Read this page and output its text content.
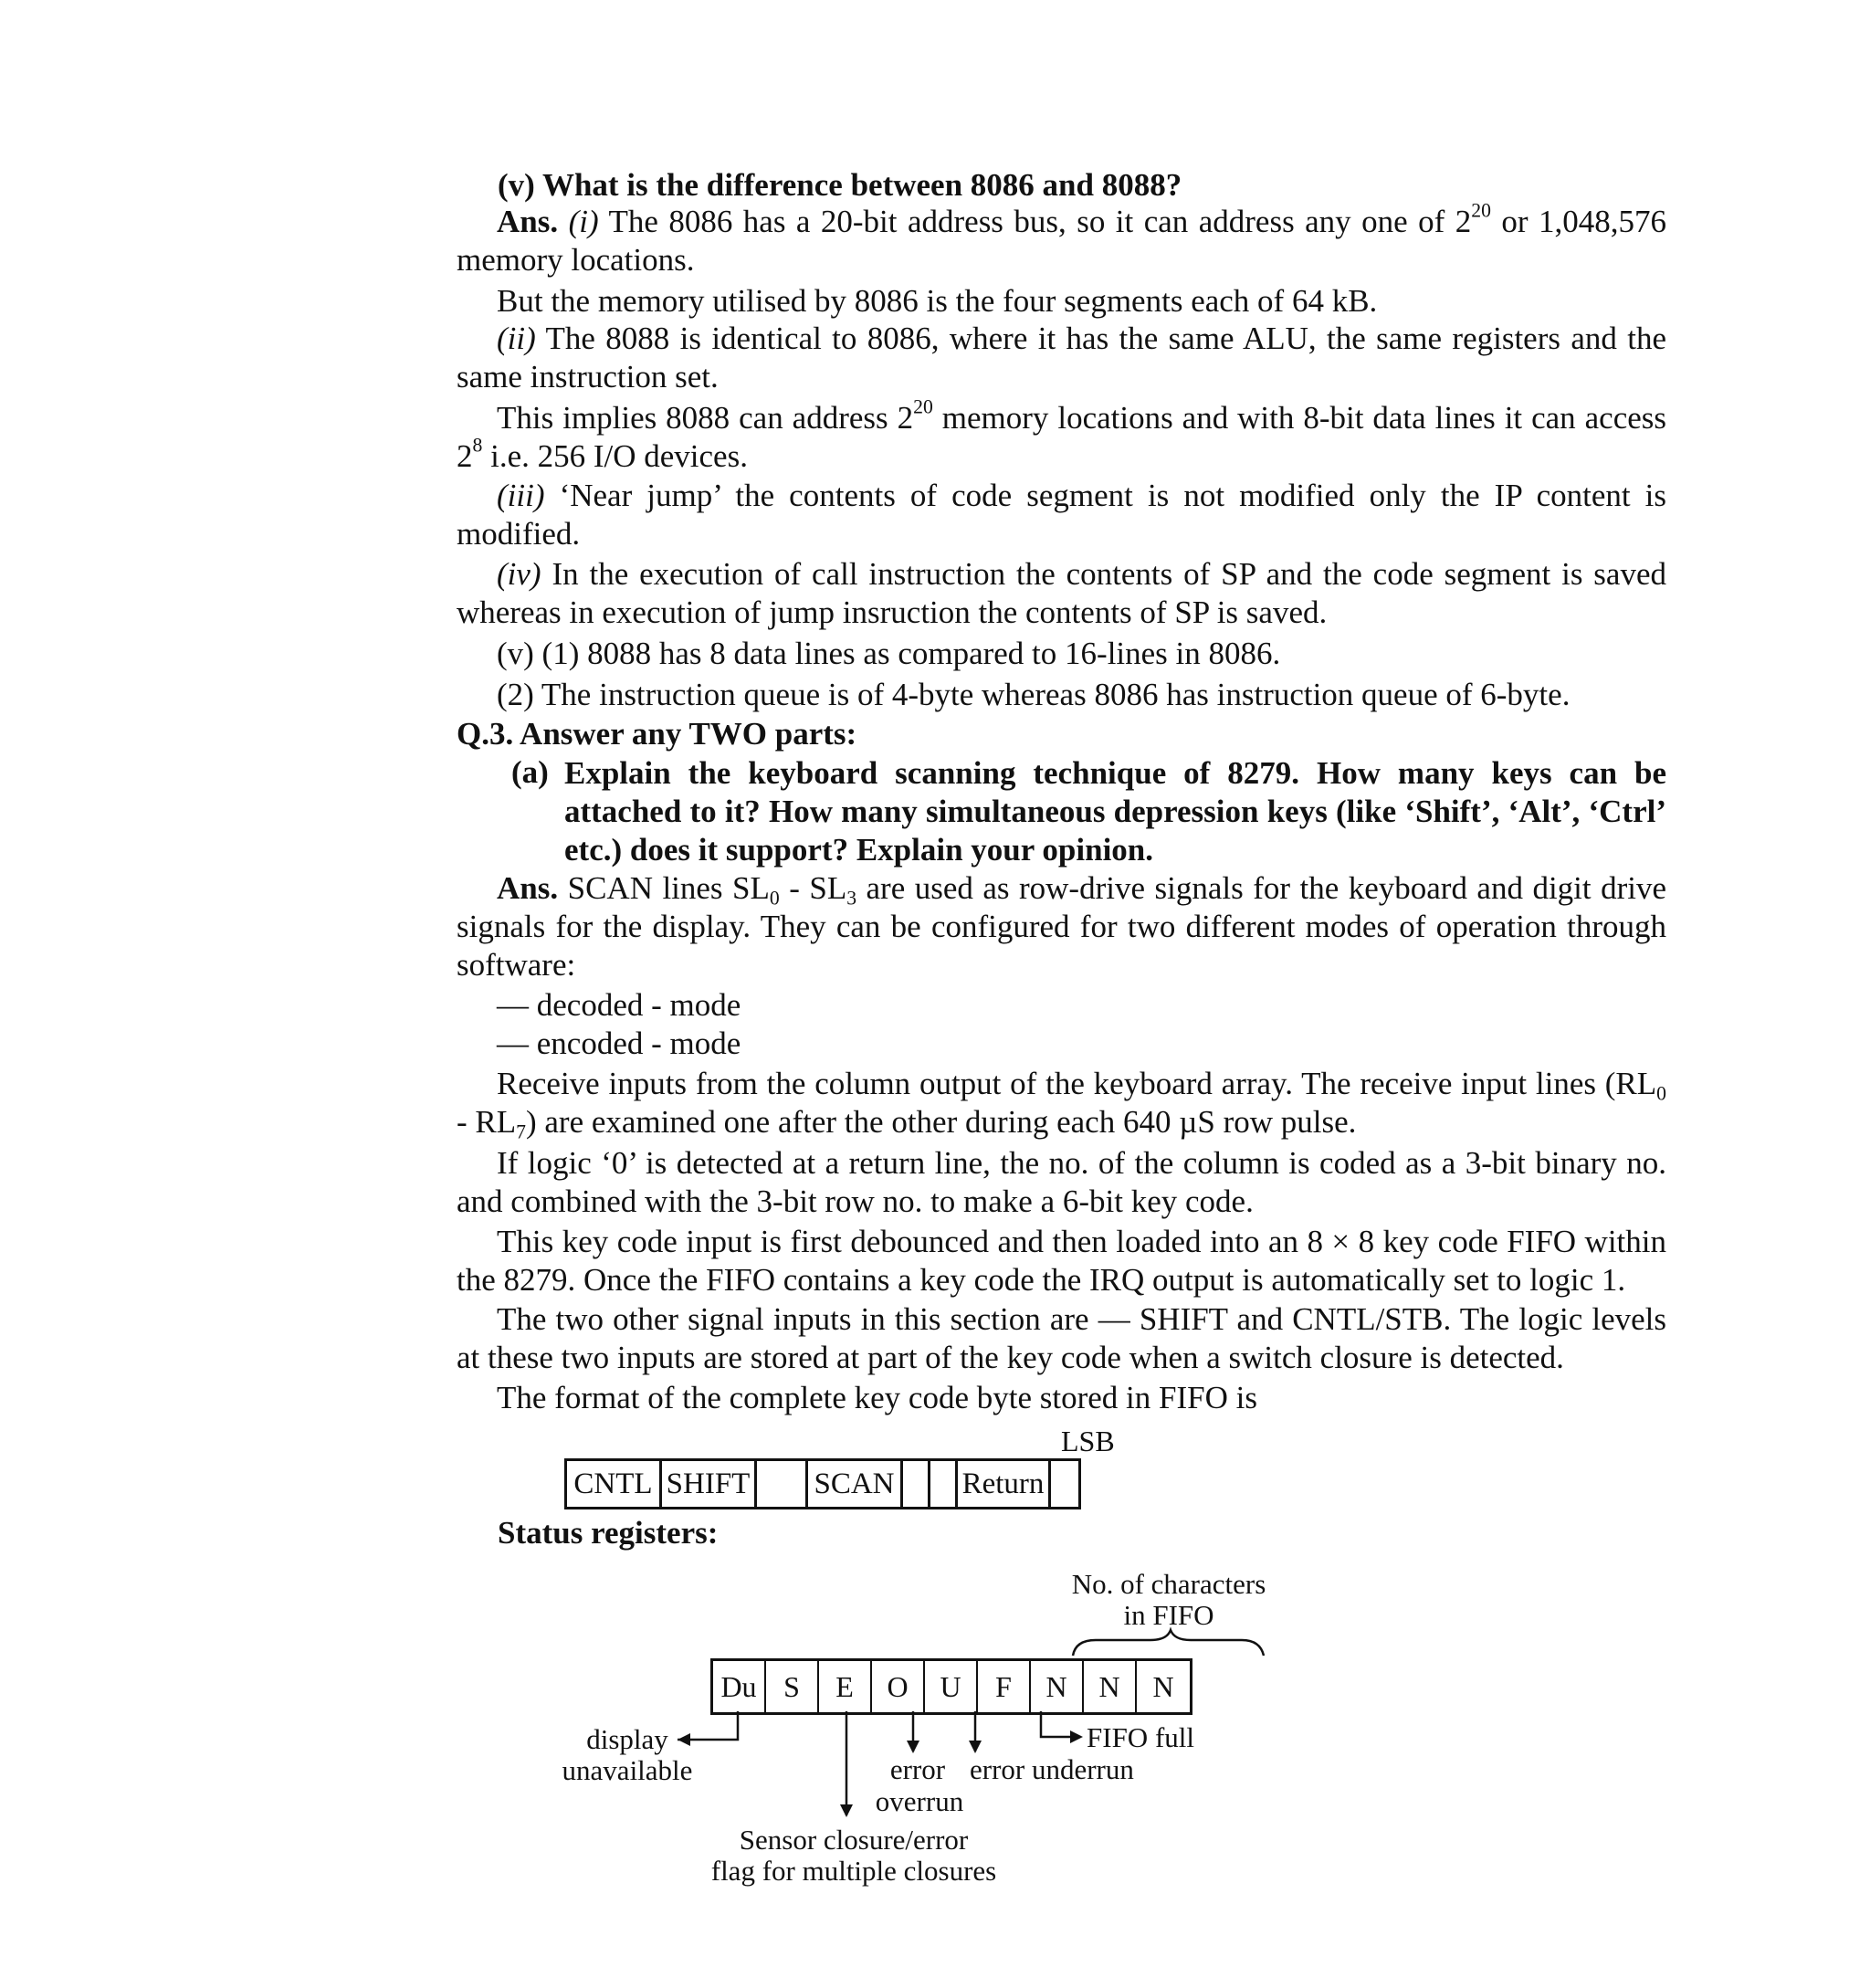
(v) What is the difference between 8086 and 8088?

Ans. (i) The 8086 has a 20-bit address bus, so it can address any one of $2^{20}$ or 1,048,576 memory locations.

But the memory utilised by 8086 is the four segments each of 64 kB.

(ii) The 8088 is identical to 8086, where it has the same ALU, the same registers and the same instruction set.

This implies 8088 can address $2^{20}$ memory locations and with 8-bit data lines it can access $2^8$ i.e. 256 I/O devices.

(iii) ‘Near jump’ the contents of code segment is not modified only the IP content is modified.

(iv) In the execution of call instruction the contents of SP and the code segment is saved whereas in execution of jump insruction the contents of SP is saved.

(v) (1) 8088 has 8 data lines as compared to 16-lines in 8086.

(2) The instruction queue is of 4-byte whereas 8086 has instruction queue of 6-byte.

Q.3. Answer any TWO parts:

(a) Explain the keyboard scanning technique of 8279. How many keys can be attached to it? How many simultaneous depression keys (like ‘Shift’, ‘Alt’, ‘Ctrl’ etc.) does it support? Explain your opinion.

Ans. SCAN lines $SL_0 - SL_3$ are used as row-drive signals for the keyboard and digit drive signals for the display. They can be configured for two different modes of operation through software:

— decoded - mode

— encoded - mode

Receive inputs from the column output of the keyboard array. The receive input lines $(RL_0 - RL_7)$ are examined one after the other during each 640 µS row pulse.

If logic ‘0’ is detected at a return line, the no. of the column is coded as a 3-bit binary no. and combined with the 3-bit row no. to make a 6-bit key code.

This key code input is first debounced and then loaded into an 8 × 8 key code FIFO within the 8279. Once the FIFO contains a key code the IRQ output is automatically set to logic 1.

The two other signal inputs in this section are — SHIFT and CNTL/STB. The logic levels at these two inputs are stored at part of the key code when a switch closure is detected.

The format of the complete key code byte stored in FIFO is

LSB
CNTL SHIFT SCAN Return

Status registers:

No. of characters
in FIFO
Du S	E	O	U	F	N	N	N
display
unavailable
FIFO full
error
overrun
error underrun
Sensor closure/error
flag for multiple closures
